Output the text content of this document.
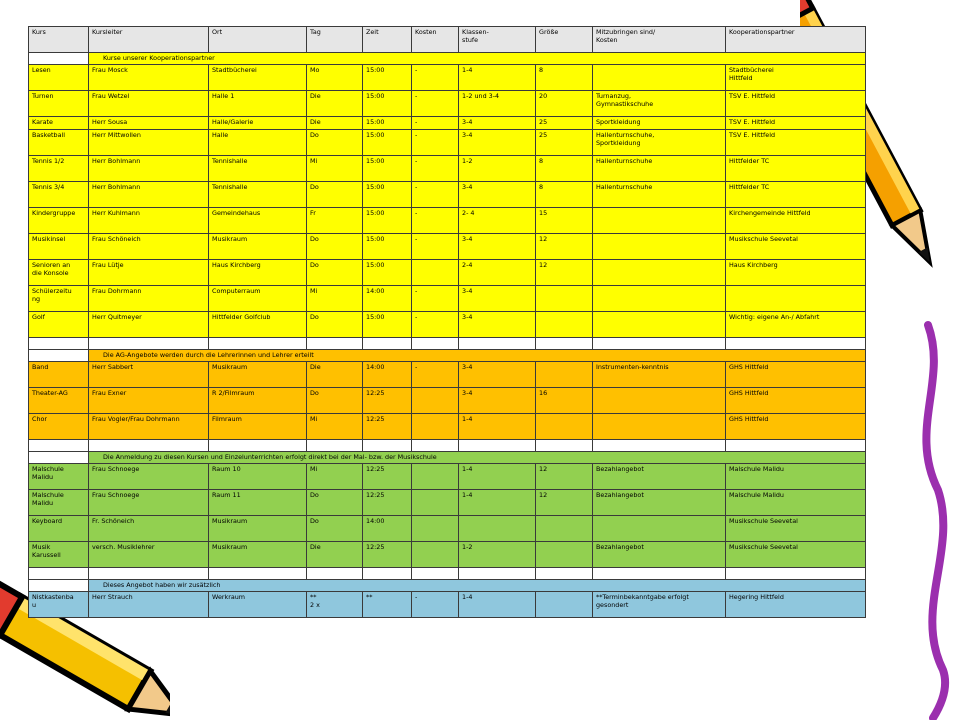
Kurs	Kursleiter	Ort	Tag	Zeit	Kosten	Klassen-
stufe	Größe	Mitzubringen sind/
Kosten	Kooperationspartner
	Kurse unserer Kooperationspartner								
Lesen	Frau Mosck	Stadtbücherei	Mo	15:00	-	1-4	8		Stadtbücherei
Hittfeld
Turnen	Frau Wetzel	Halle 1	Die	15:00	-	1-2 und 3-4	20	Turnanzug,
Gymnastikschuhe	TSV E. Hittfeld
Karate	Herr Sousa	Halle/Galerie	Die	15:00	-	3-4	25	Sportkleidung	TSV E. Hittfeld
Basketball	Herr Mittwollen	Halle	Do	15:00	-	3-4	25	Hallenturnschuhe,
Sportkleidung	TSV E. Hittfeld
Tennis 1/2	Herr Bohlmann	Tennishalle	Mi	15:00	-	1-2	8	Hallenturnschuhe	Hittfelder TC
Tennis 3/4	Herr Bohlmann	Tennishalle	Do	15:00	-	3-4	8	Hallenturnschuhe	Hittfelder TC
Kindergruppe	Herr Kuhlmann	Gemeindehaus	Fr	15:00	-	2- 4	15		Kirchengemeinde Hittfeld
Musikinsel	Frau Schöneich	Musikraum	Do	15:00	-	3-4	12		Musikschule Seevetal
Senioren an
die Konsole	Frau Lütje	Haus Kirchberg	Do	15:00		2-4	12		Haus Kirchberg
Schülerzeitu
ng	Frau Dohrmann	Computerraum	Mi	14:00	-	3-4			
Golf	Herr Quitmeyer	Hittfelder Golfclub	Do	15:00	-	3-4			Wichtig: eigene An-/ Abfahrt

	Die AG-Angebote werden durch die Lehrerinnen und Lehrer erteilt								
Band	Herr Sabbert	Musikraum	Die	14:00	-	3-4		Instrumenten-kenntnis	GHS Hittfeld
Theater-AG	Frau Exner	R 2/Filmraum	Do	12:25		3-4	16		GHS Hittfeld
Chor	Frau Vogler/Frau Dohrmann	Filmraum	Mi	12:25		1-4			GHS Hittfeld

	Die Anmeldung zu diesen Kursen und Einzelunterrichten erfolgt direkt bei der Mal- bzw. der Musikschule								
Malschule
Malidu	Frau Schnoege	Raum 10	Mi	12:25		1-4	12	Bezahlangebot	Malschule Malidu
Malschule
Malidu	Frau Schnoege	Raum 11	Do	12:25		1-4	12	Bezahlangebot	Malschule Malidu
Keyboard	Fr. Schöneich	Musikraum	Do	14:00					Musikschule Seevetal
Musik
Karussell	versch. Musiklehrer	Musikraum	Die	12:25		1-2		Bezahlangebot	Musikschule Seevetal

	Dieses Angebot haben wir zusätzlich								
Nistkastenba
u	Herr Strauch	Werkraum	**
2 x	**	-	1-4		**Terminbekanntgabe erfolgt
gesondert	Hegering Hittfeld
